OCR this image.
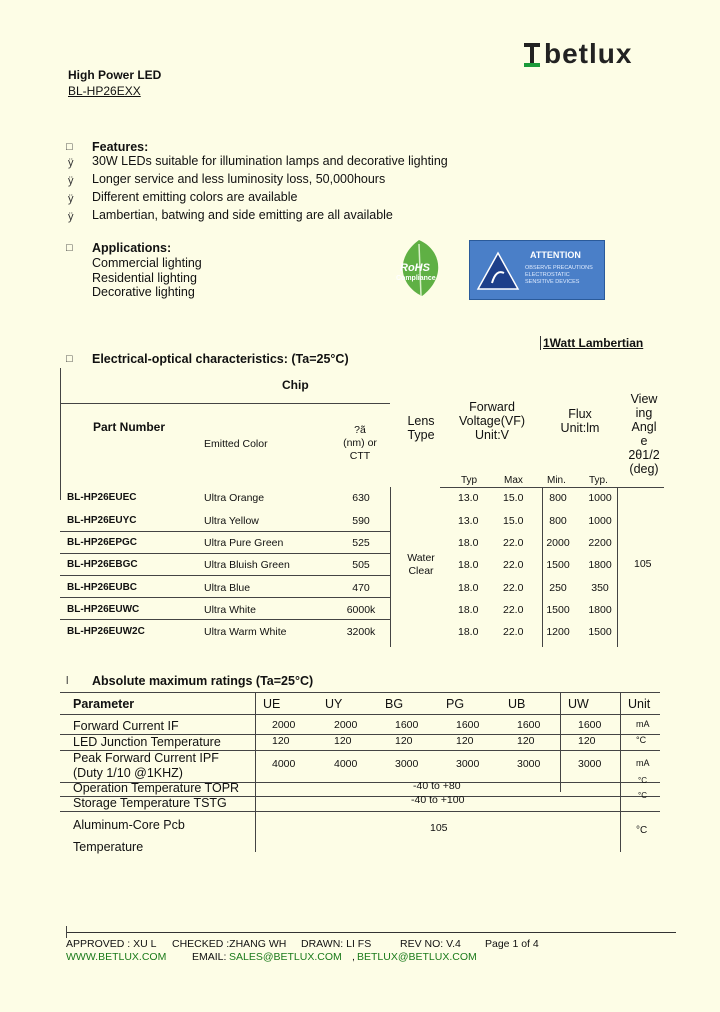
betlux
High Power LED
BL-HP26EXX
□ Features:
ÿ 30W LEDs suitable for illumination lamps and decorative lighting
ÿ Longer service and less luminosity loss, 50,000hours
ÿ Different emitting colors are available
ÿ Lambertian, batwing and side emitting are all available
□ Applications:
Commercial lighting
Residential lighting
Decorative lighting
RoHS
Compliance
ATTENTION
OBSERVE PRECAUTIONS
ELECTROSTATIC
SENSITIVE DEVICES
1Watt Lambertian
□ Electrical-optical characteristics: (Ta=25°C)
Chip
Part Number
Emitted Color
?ã
(nm) or
CTT
Lens
Type
Forward
Voltage(VF)
Unit:V
Flux
Unit:lm
View
ing
Angl
e
2θ1/2
(deg)
Typ	Max Min. Typ.
BL-HP26EUEC	Ultra Orange	630	13.0 15.0	800	1000
BL-HP26EUYC	Ultra Yellow	590	13.0 15.0	800	1000
BL-HP26EPGC	Ultra Pure Green	525	18.0 22.0 2000 2200
BL-HP26EBGC	Ultra Bluish Green	505	18.0 22.0 1500 1800
BL-HP26EUBC	Ultra Blue	470	18.0 22.0	250	350
BL-HP26EUWC	Ultra White	6000k	18.0 22.0 1500 1800
BL-HP26EUW2C	Ultra Warm White	3200k	18.0 22.0 1200 1500
Water
Clear
105
l Absolute maximum ratings (Ta=25°C)
Parameter	UE	UY	BG	PG	UB	UW	Unit
Forward Current IF	2000	2000	1600	1600	1600	1600	mA
LED Junction Temperature	120	120	120	120	120	120	°C
Peak Forward Current IPF
(Duty 1/10 @1KHZ)
4000	4000	3000	3000	3000	3000	mA
Operation Temperature TOPR	-40 to +80	°C
Storage Temperature TSTG	-40 to +100	°C
Aluminum-Core Pcb
Temperature
105	°C
APPROVED : XU L CHECKED :ZHANG WH DRAWN: LI FS	REV NO: V.4 Page 1 of 4
WWW.BETLUX.COM EMAIL: SALES@BETLUX.COM , BETLUX@BETLUX.COM
